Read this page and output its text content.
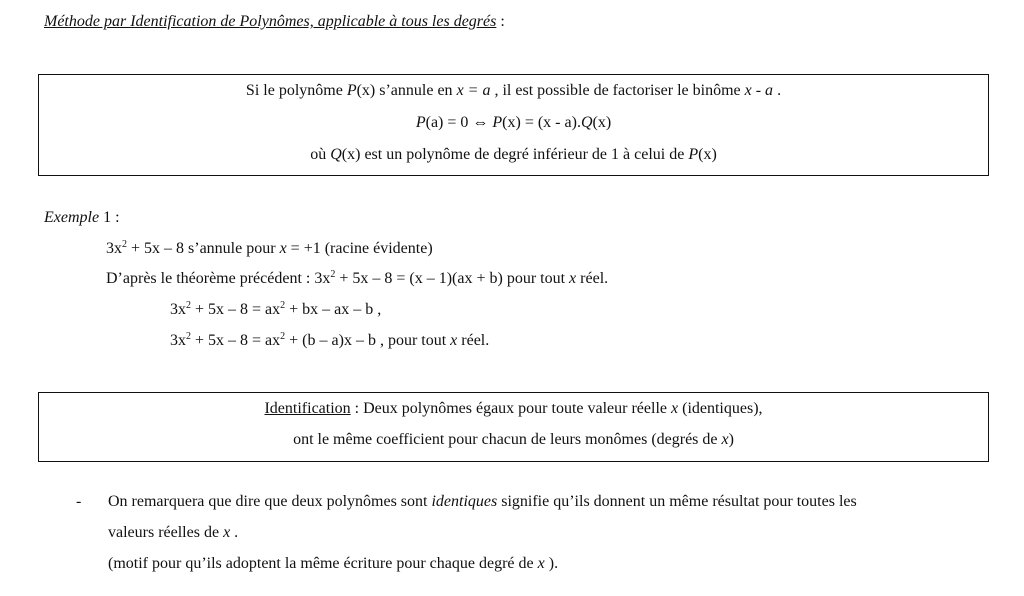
Méthode par Identification de Polynômes, applicable à tous les degrés :
Si le polynôme P(x) s’annule en x = a , il est possible de factoriser le binôme x - a .
P(a) = 0 ⇔ P(x) = (x - a).Q(x)
où Q(x) est un polynôme de degré inférieur de 1 à celui de P(x)
Exemple 1 :
$3x^2 + 5x - 8$ s’annule pour x = +1 (racine évidente)
D’après le théorème précédent : $3x^2 + 5x - 8 = (x - 1)(ax + b)$ pour tout x réel.
$3x^2 + 5x - 8 = ax^2$ + bx – ax – b ,
$3x^2 + 5x - 8 = ax^2 + (b - a)x - b$ , pour tout x réel.
Identification : Deux polynômes égaux pour toute valeur réelle x (identiques),
ont le même coefficient pour chacun de leurs monômes (degrés de x)
- On remarquera que dire que deux polynômes sont identiques signifie qu’ils donnent un même résultat pour toutes les
valeurs réelles de x .
(motif pour qu’ils adoptent la même écriture pour chaque degré de x ).
